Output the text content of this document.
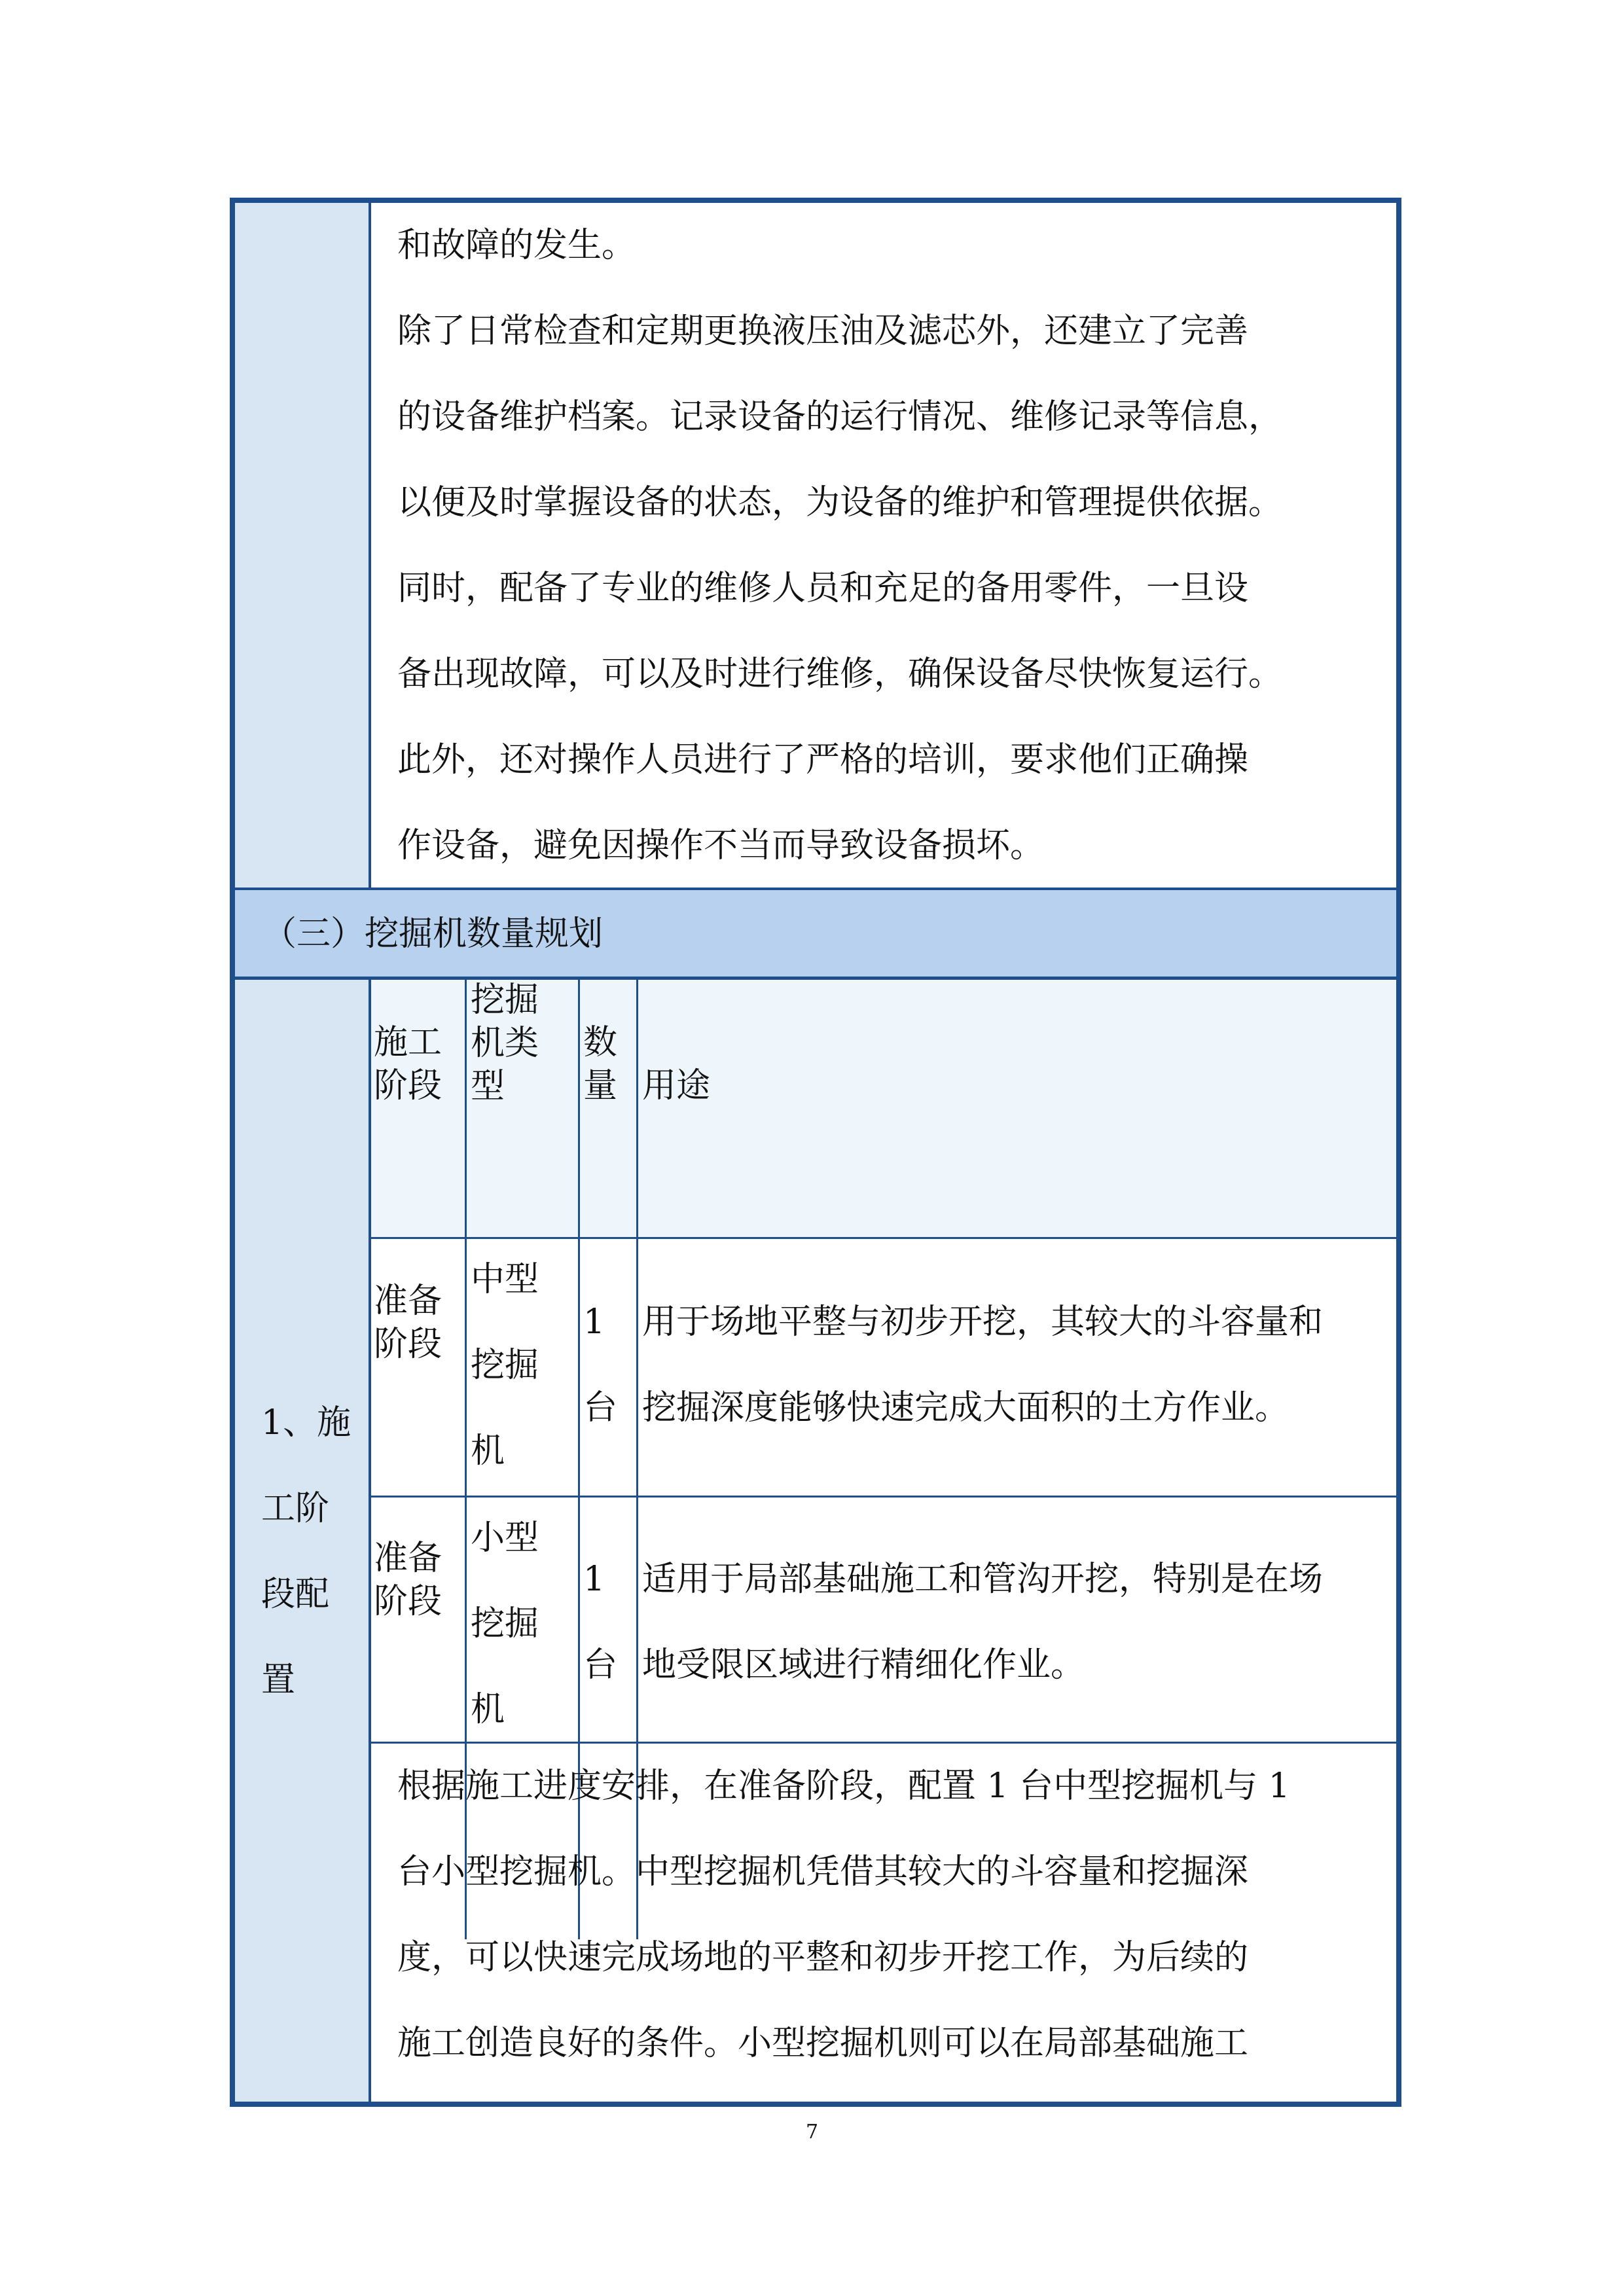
和故障的发生。

除了日常检查和定期更换液压油及滤芯外，还建立了完善

的设备维护档案。记录设备的运行情况、维修记录等信息，

以便及时掌握设备的状态，为设备的维护和管理提供依据。

同时，配备了专业的维修人员和充足的备用零件，一旦设

备出现故障，可以及时进行维修，确保设备尽快恢复运行。

此外，还对操作人员进行了严格的培训，要求他们正确操

作设备，避免因操作不当而导致设备损坏。

（三）挖掘机数量规划
1、施
工阶
段配
置
施工
阶段
挖掘
机类
型
数
量 用途
准备
阶段
中型
挖掘
机
1
台
用于场地平整与初步开挖，其较大的斗容量和
挖掘深度能够快速完成大面积的土方作业。
准备
阶段
小型
挖掘
机
1
台
适用于局部基础施工和管沟开挖，特别是在场
地受限区域进行精细化作业。

根据施工进度安排，在准备阶段，配置 1 台中型挖掘机与 1

台小型挖掘机。中型挖掘机凭借其较大的斗容量和挖掘深

度，可以快速完成场地的平整和初步开挖工作，为后续的

施工创造良好的条件。小型挖掘机则可以在局部基础施工

7
